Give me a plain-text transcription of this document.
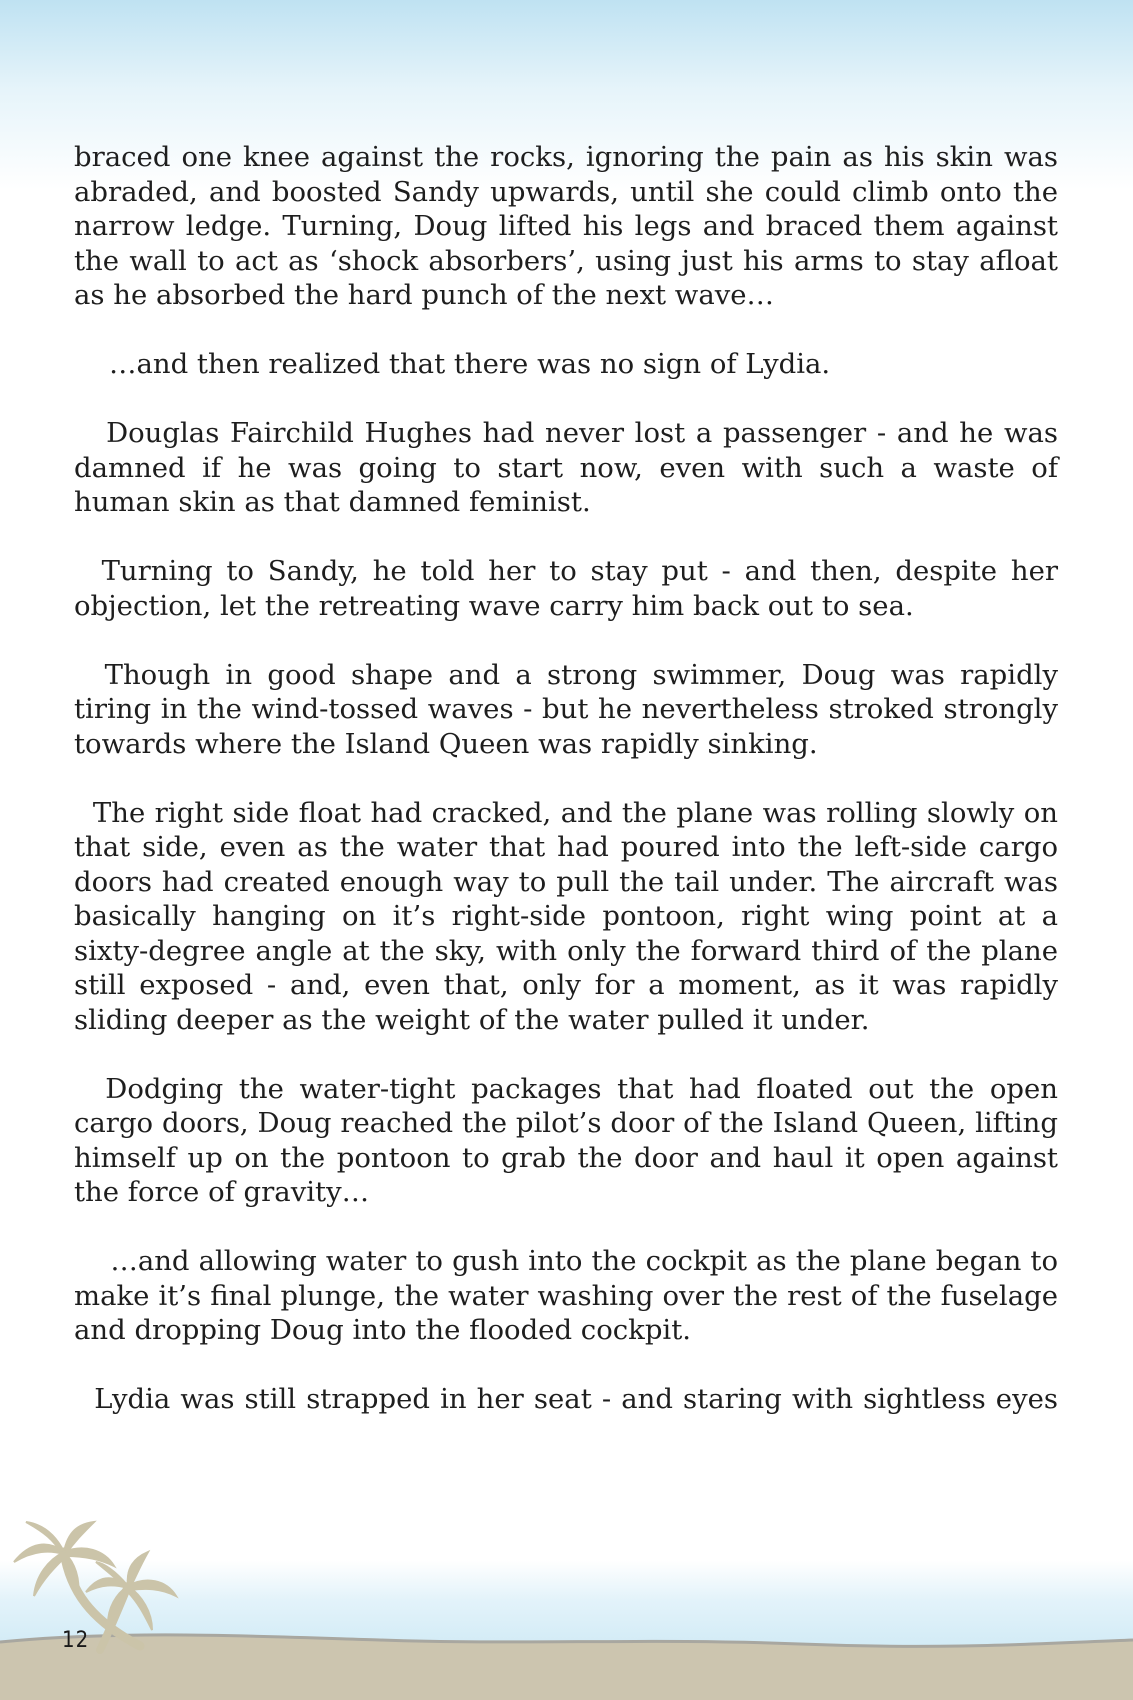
braced one knee against the rocks, ignoring the pain as his skin was abraded, and boosted Sandy upwards, until she could climb onto the narrow ledge. Turning, Doug lifted his legs and braced them against the wall to act as ‘shock absorbers’, using just his arms to stay afloat as he absorbed the hard punch of the next wave…

…and then realized that there was no sign of Lydia.

Douglas Fairchild Hughes had never lost a passenger - and he was damned if he was going to start now, even with such a waste of human skin as that damned feminist.

Turning to Sandy, he told her to stay put - and then, despite her objection, let the retreating wave carry him back out to sea.

Though in good shape and a strong swimmer, Doug was rapidly tiring in the wind-tossed waves - but he nevertheless stroked strongly towards where the Island Queen was rapidly sinking.

The right side float had cracked, and the plane was rolling slowly on that side, even as the water that had poured into the left-side cargo doors had created enough way to pull the tail under. The aircraft was basically hanging on it’s right-side pontoon, right wing point at a sixty-degree angle at the sky, with only the forward third of the plane still exposed - and, even that, only for a moment, as it was rapidly sliding deeper as the weight of the water pulled it under.

Dodging the water-tight packages that had floated out the open cargo doors, Doug reached the pilot’s door of the Island Queen, lifting himself up on the pontoon to grab the door and haul it open against the force of gravity…

…and allowing water to gush into the cockpit as the plane began to make it’s final plunge, the water washing over the rest of the fuselage and dropping Doug into the flooded cockpit.

Lydia was still strapped in her seat - and staring with sightless eyes

12
